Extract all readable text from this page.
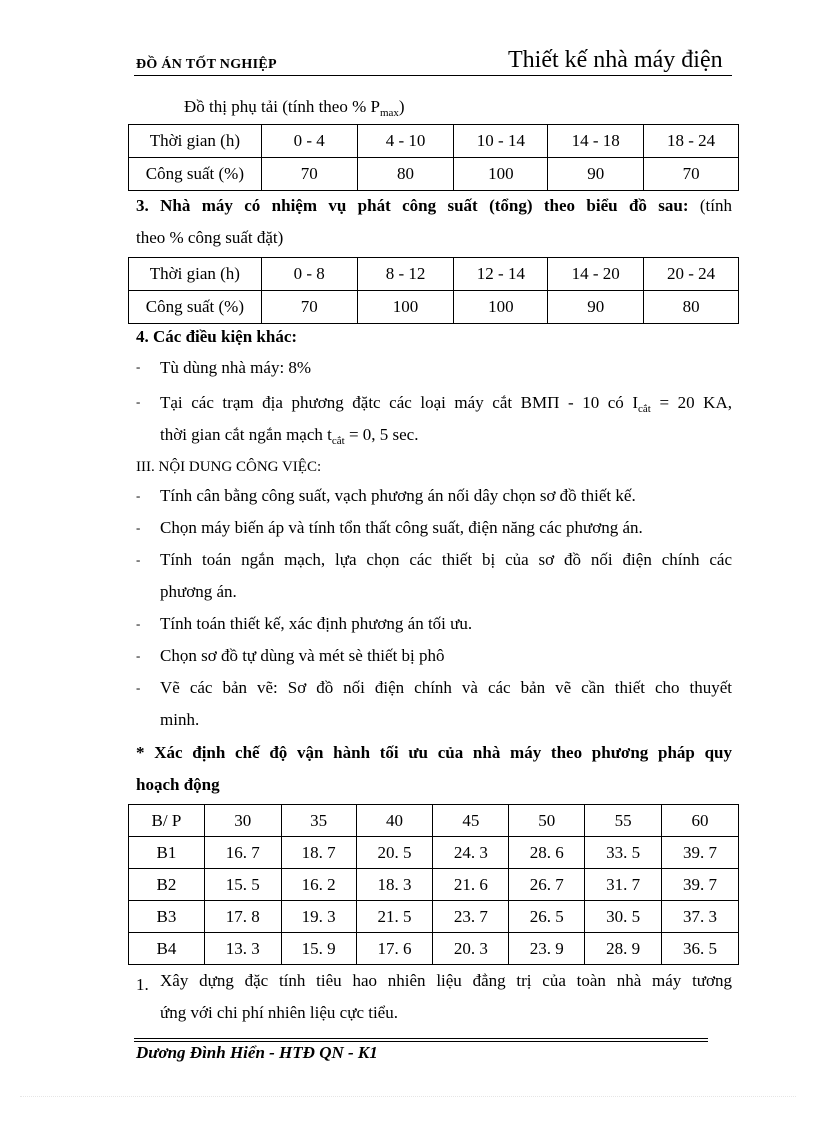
ĐỒ ÁN TỐT NGHIỆP	Thiết kế nhà máy điện
Đồ thị phụ tải (tính theo % $P_{max}$)
Thời gian (h)	0 - 4	4 - 10	10 - 14	14 - 18	18 - 24
Công suất (%)	70	80	100	90	70
3. Nhà máy có nhiệm vụ phát công suất (tổng) theo biểu đồ sau: (tính
theo % công suất đặt)
Thời gian (h)	0 - 8	8 - 12	12 - 14	14 - 20	20 - 24
Công suất (%)	70	100	100	90	80
4. Các điều kiện khác:
- Tù dùng nhà máy: 8%
- Tại các trạm địa phương đặtc các loại máy cắt BMП - 10 có $I_{cắt} = 20$ KA,
thời gian cắt ngắn mạch $t_{cắt} = 0$, 5 sec.
III. NỘI DUNG CÔNG VIỆC:
- Tính cân bằng công suất, vạch phương án nối dây chọn sơ đồ thiết kế.
- Chọn máy biến áp và tính tổn thất công suất, điện năng các phương án.
- Tính toán ngắn mạch, lựa chọn các thiết bị của sơ đồ nối điện chính các
phương án.
- Tính toán thiết kế, xác định phương án tối ưu.
- Chọn sơ đồ tự dùng và mét sè thiết bị phô
- Vẽ các bản vẽ: Sơ đồ nối điện chính và các bản vẽ cần thiết cho thuyết
minh.
* Xác định chế độ vận hành tối ưu của nhà máy theo phương pháp quy
hoạch động
B/ P	30	35	40	45	50	55	60
B1	16. 7	18. 7	20. 5	24. 3	28. 6	33. 5	39. 7
B2	15. 5	16. 2	18. 3	21. 6	26. 7	31. 7	39. 7
B3	17. 8	19. 3	21. 5	23. 7	26. 5	30. 5	37. 3
B4	13. 3	15. 9	17. 6	20. 3	23. 9	28. 9	36. 5
1. Xây dựng đặc tính tiêu hao nhiên liệu đẳng trị của toàn nhà máy tương
ứng với chi phí nhiên liệu cực tiểu.
Dương Đình Hiển - HTĐ QN - K1
